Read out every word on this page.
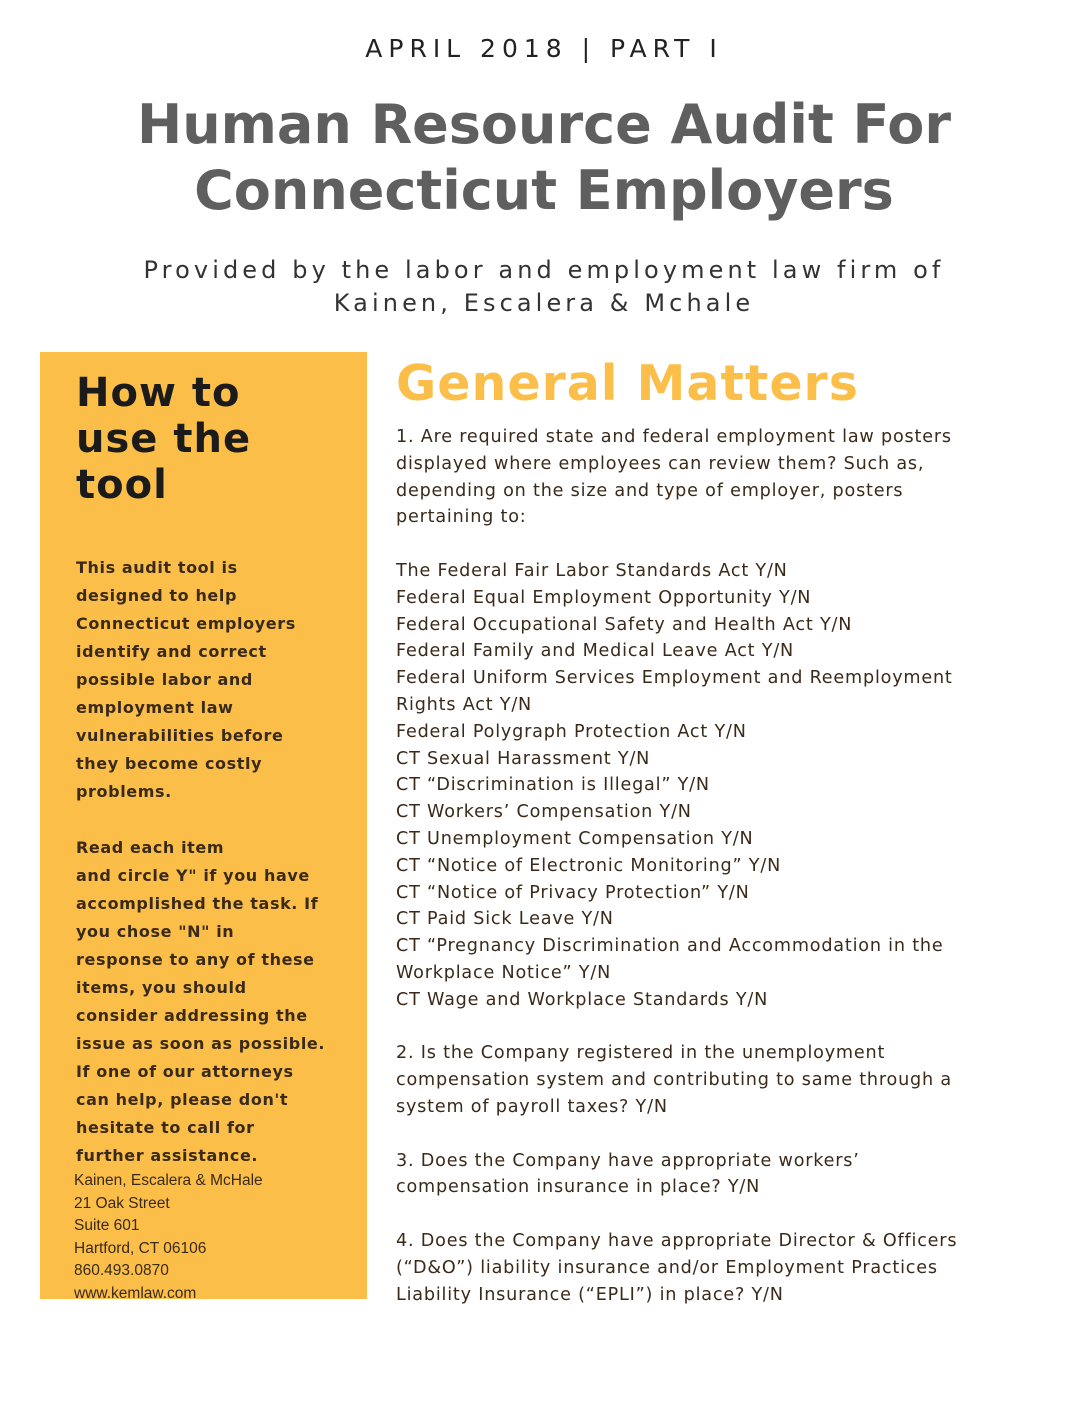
APRIL 2018 | PART I
Human Resource Audit For
Connecticut Employers
Provided by the labor and employment law firm of
Kainen, Escalera & Mchale
How to
use the
tool
This audit tool is
designed to help
Connecticut employers
identify and correct
possible labor and
employment law
vulnerabilities before
they become costly
problems.
Read each item
and circle Y" if you have
accomplished the task. If
you chose "N" in
response to any of these
items, you should
consider addressing the
issue as soon as possible.
If one of our attorneys
can help, please don't
hesitate to call for
further assistance.
Kainen, Escalera & McHale
21 Oak Street
Suite 601
Hartford, CT 06106
860.493.0870
www.kemlaw.com
General Matters
1. Are required state and federal employment law posters
displayed where employees can review them? Such as,
depending on the size and type of employer, posters
pertaining to:
The Federal Fair Labor Standards Act Y/N
Federal Equal Employment Opportunity Y/N
Federal Occupational Safety and Health Act Y/N
Federal Family and Medical Leave Act Y/N
Federal Uniform Services Employment and Reemployment
Rights Act Y/N
Federal Polygraph Protection Act Y/N
CT Sexual Harassment Y/N
CT “Discrimination is Illegal” Y/N
CT Workers’ Compensation Y/N
CT Unemployment Compensation Y/N
CT “Notice of Electronic Monitoring” Y/N
CT “Notice of Privacy Protection” Y/N
CT Paid Sick Leave Y/N
CT “Pregnancy Discrimination and Accommodation in the
Workplace Notice” Y/N
CT Wage and Workplace Standards Y/N
2. Is the Company registered in the unemployment
compensation system and contributing to same through a
system of payroll taxes? Y/N
3. Does the Company have appropriate workers’
compensation insurance in place? Y/N
4. Does the Company have appropriate Director & Officers
(“D&O”) liability insurance and/or Employment Practices
Liability Insurance (“EPLI”) in place? Y/N
